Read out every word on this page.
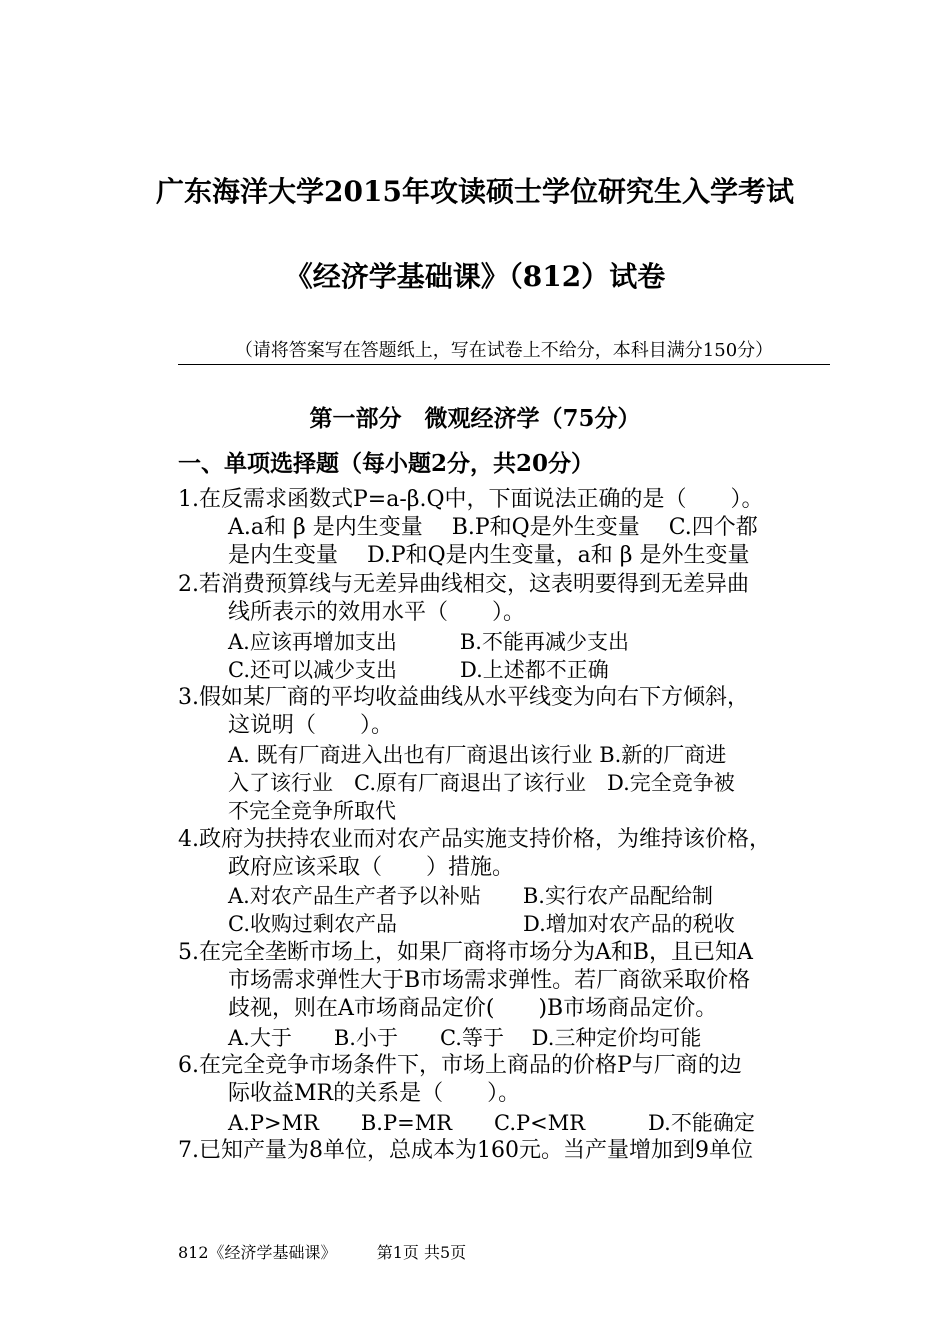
广东海洋大学2015年攻读硕士学位研究生入学考试
《经济学基础课》（812）试卷
（请将答案写在答题纸上，写在试卷上不给分，本科目满分150分）
第一部分　微观经济学（75分）
一、单项选择题（每小题2分，共20分）
1.在反需求函数式P=a-β.Q中，下面说法正确的是（　　）。
A.a和 β 是内生变量　 B.P和Q是外生变量　 C.四个都
是内生变量　 D.P和Q是内生变量，a和 β 是外生变量
2.若消费预算线与无差异曲线相交，这表明要得到无差异曲
线所表示的效用水平（　　）。
A.应该再增加支出　　　B.不能再减少支出
C.还可以减少支出　　　D.上述都不正确
3.假如某厂商的平均收益曲线从水平线变为向右下方倾斜，
这说明（　　）。
A. 既有厂商进入出也有厂商退出该行业 B.新的厂商进
入了该行业　C.原有厂商退出了该行业　D.完全竞争被
不完全竞争所取代
4.政府为扶持农业而对农产品实施支持价格，为维持该价格，
政府应该采取（　　）措施。
A.对农产品生产者予以补贴　　B.实行农产品配给制
C.收购过剩农产品　　　　　　D.增加对农产品的税收
5.在完全垄断市场上，如果厂商将市场分为A和B，且已知A
市场需求弹性大于B市场需求弹性。若厂商欲采取价格
歧视，则在A市场商品定价(　　)B市场商品定价。
A.大于　　B.小于　　C.等于　 D.三种定价均可能
6.在完全竞争市场条件下，市场上商品的价格P与厂商的边
际收益MR的关系是（　　）。
A.P>MR　　B.P=MR　　C.P<MR　　　D.不能确定
7.已知产量为8单位，总成本为160元。当产量增加到9单位
812《经济学基础课》	第1页 共5页
